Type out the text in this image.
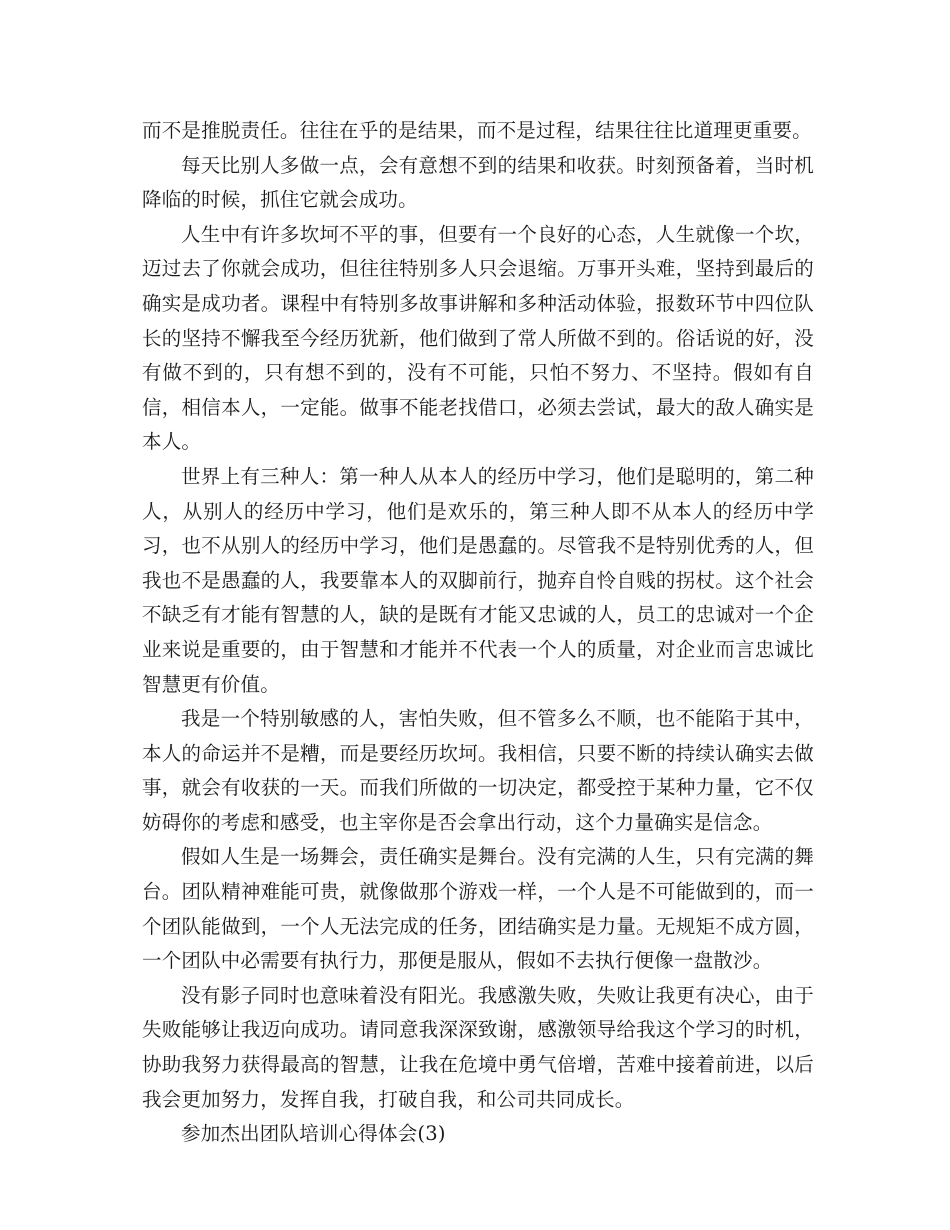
而不是推脱责任。往往在乎的是结果，而不是过程，结果往往比道理更重要。

每天比别人多做一点，会有意想不到的结果和收获。时刻预备着，当时机降临的时候，抓住它就会成功。

人生中有许多坎坷不平的事，但要有一个良好的心态，人生就像一个坎，迈过去了你就会成功，但往往特别多人只会退缩。万事开头难，坚持到最后的确实是成功者。课程中有特别多故事讲解和多种活动体验，报数环节中四位队长的坚持不懈我至今经历犹新，他们做到了常人所做不到的。俗话说的好，没有做不到的，只有想不到的，没有不可能，只怕不努力、不坚持。假如有自信，相信本人，一定能。做事不能老找借口，必须去尝试，最大的敌人确实是本人。

世界上有三种人：第一种人从本人的经历中学习，他们是聪明的，第二种人，从别人的经历中学习，他们是欢乐的，第三种人即不从本人的经历中学习，也不从别人的经历中学习，他们是愚蠢的。尽管我不是特别优秀的人，但我也不是愚蠢的人，我要靠本人的双脚前行，抛弃自怜自贱的拐杖。这个社会不缺乏有才能有智慧的人，缺的是既有才能又忠诚的人，员工的忠诚对一个企业来说是重要的，由于智慧和才能并不代表一个人的质量，对企业而言忠诚比智慧更有价值。

我是一个特别敏感的人，害怕失败，但不管多么不顺，也不能陷于其中，本人的命运并不是糟，而是要经历坎坷。我相信，只要不断的持续认确实去做事，就会有收获的一天。而我们所做的一切决定，都受控于某种力量，它不仅妨碍你的考虑和感受，也主宰你是否会拿出行动，这个力量确实是信念。

假如人生是一场舞会，责任确实是舞台。没有完满的人生，只有完满的舞台。团队精神难能可贵，就像做那个游戏一样，一个人是不可能做到的，而一个团队能做到，一个人无法完成的任务，团结确实是力量。无规矩不成方圆，一个团队中必需要有执行力，那便是服从，假如不去执行便像一盘散沙。

没有影子同时也意味着没有阳光。我感激失败，失败让我更有决心，由于失败能够让我迈向成功。请同意我深深致谢，感激领导给我这个学习的时机，协助我努力获得最高的智慧，让我在危境中勇气倍增，苦难中接着前进，以后我会更加努力，发挥自我，打破自我，和公司共同成长。

参加杰出团队培训心得体会(3)
